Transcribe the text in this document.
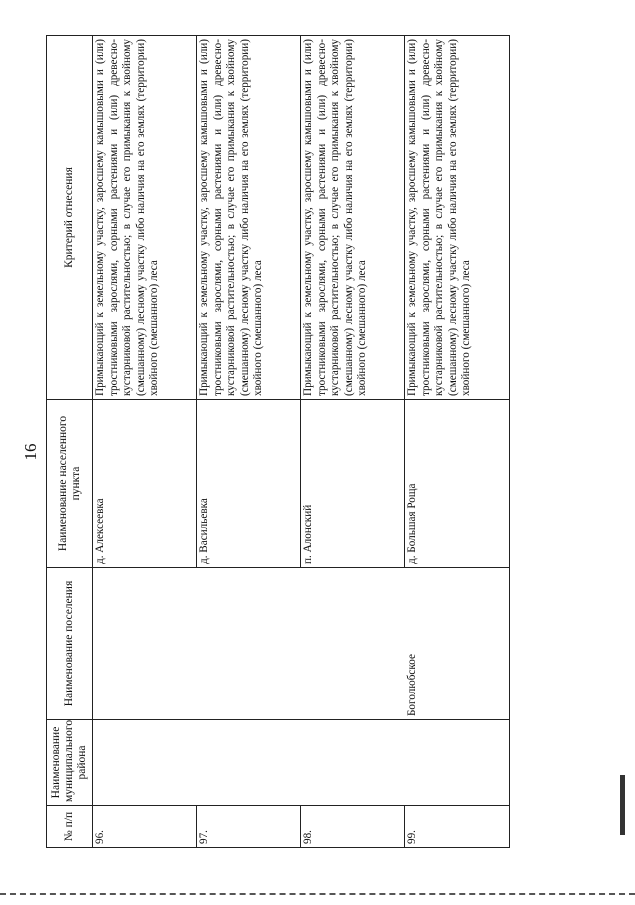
16
№ п/п	Наименование муниципального района	Наименование поселения	Наименование населенного пункта	Критерий отнесения
96.			д. Алексеевка	Примыкающий к земельному участку, заросшему камышовыми и (или) тростниковыми зарослями, сорными растениями и (или) древесно-кустарниковой растительностью; в случае его примыкания к хвойному (смешанному) лесному участку либо наличия на его землях (территории) хвойного (смешанного) леса
97.			д. Васильевка	Примыкающий к земельному участку, заросшему камышовыми и (или) тростниковыми зарослями, сорными растениями и (или) древесно-кустарниковой растительностью; в случае его примыкания к хвойному (смешанному) лесному участку либо наличия на его землях (территории) хвойного (смешанного) леса
98.			п. Алонский	Примыкающий к земельному участку, заросшему камышовыми и (или) тростниковыми зарослями, сорными растениями и (или) древесно-кустарниковой растительностью; в случае его примыкания к хвойному (смешанному) лесному участку либо наличия на его землях (территории) хвойного (смешанного) леса
99.		Боголюбское	д. Большая Роща	Примыкающий к земельному участку, заросшему камышовыми и (или) тростниковыми зарослями, сорными растениями и (или) древесно-кустарниковой растительностью; в случае его примыкания к хвойному (смешанному) лесному участку либо наличия на его землях (территории) хвойного (смешанного) леса
